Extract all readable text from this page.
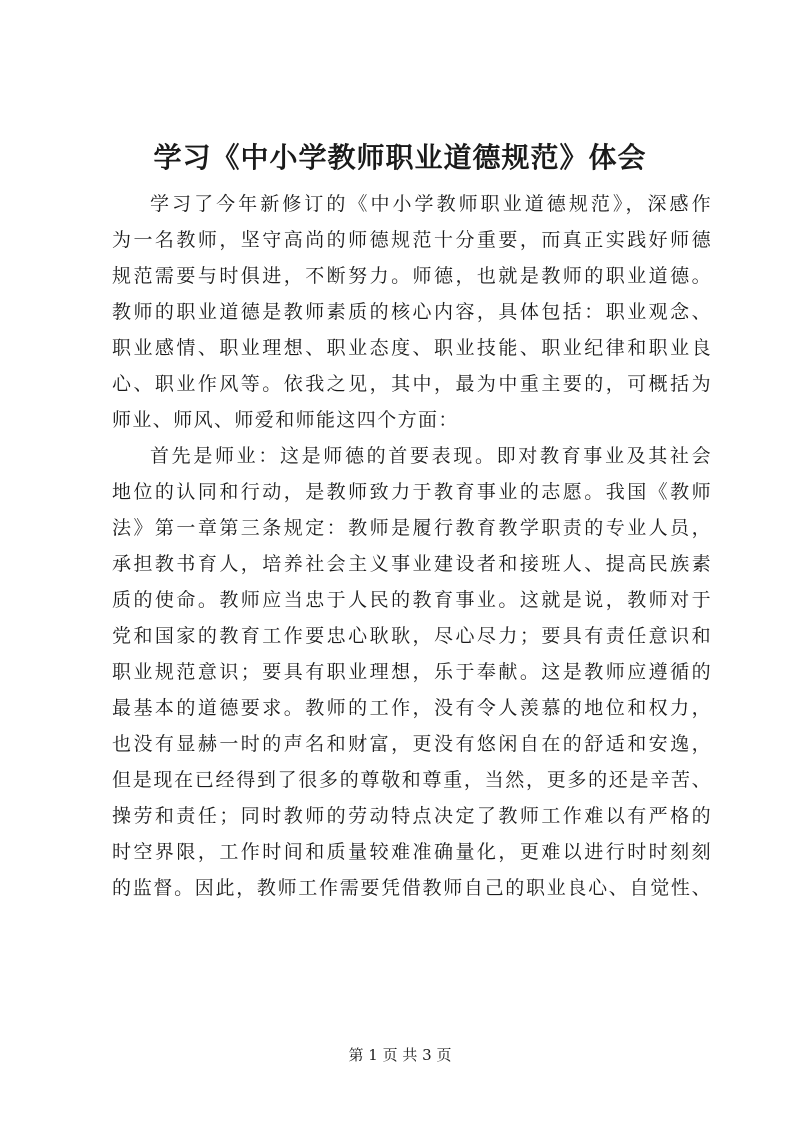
学习《中小学教师职业道德规范》体会
学习了今年新修订的《中小学教师职业道德规范》，深感作
为一名教师，坚守高尚的师德规范十分重要，而真正实践好师德
规范需要与时俱进，不断努力。师德，也就是教师的职业道德。
教师的职业道德是教师素质的核心内容，具体包括：职业观念、
职业感情、职业理想、职业态度、职业技能、职业纪律和职业良
心、职业作风等。依我之见，其中，最为中重主要的，可概括为
师业、师风、师爱和师能这四个方面：
首先是师业：这是师德的首要表现。即对教育事业及其社会
地位的认同和行动，是教师致力于教育事业的志愿。我国《教师
法》第一章第三条规定：教师是履行教育教学职责的专业人员，
承担教书育人，培养社会主义事业建设者和接班人、提高民族素
质的使命。教师应当忠于人民的教育事业。这就是说，教师对于
党和国家的教育工作要忠心耿耿，尽心尽力；要具有责任意识和
职业规范意识；要具有职业理想，乐于奉献。这是教师应遵循的
最基本的道德要求。教师的工作，没有令人羡慕的地位和权力，
也没有显赫一时的声名和财富，更没有悠闲自在的舒适和安逸，
但是现在已经得到了很多的尊敬和尊重，当然，更多的还是辛苦、
操劳和责任；同时教师的劳动特点决定了教师工作难以有严格的
时空界限，工作时间和质量较难准确量化，更难以进行时时刻刻
的监督。因此，教师工作需要凭借教师自己的职业良心、自觉性、
第 1 页 共 3 页
